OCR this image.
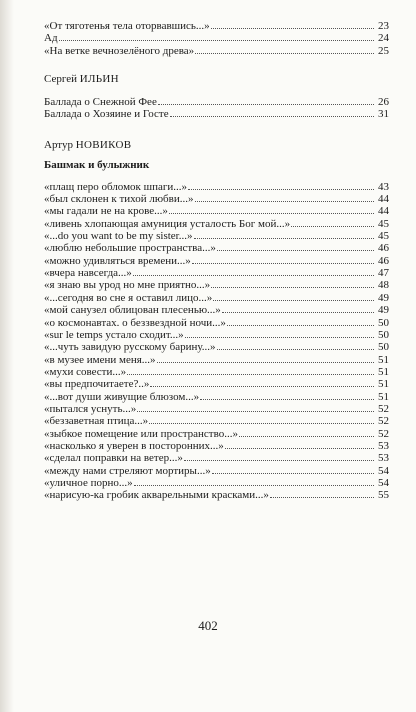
«От тяготенья тела оторвавшись...»	23
Ад	24
«На ветке вечнозелёного древа»	25
Сергей ИЛЬИН
Баллада о Снежной Фее	26
Баллада о Хозяине и Госте	31
Артур НОВИКОВ
Башмак и булыжник
«плащ перо обломок шпаги...»	43
«был склонен к тихой любви...»	44
«мы гадали не на крове...»	44
«ливень хлопающая амуниция усталость Бог мой...»	45
«...do you want to be my sister...»	45
«люблю небольшие пространства...»	46
«можно удивляться времени...»	46
«вчера навсегда...»	47
«я знаю вы урод но мне приятно...»	48
«...сегодня во сне я оставил лицо...»	49
«мой санузел облицован плесенью...»	49
«о космонавтах. о беззвездной ночи...»	50
«sur le temps устало сходит...»	50
«...чуть завидую русскому барину...»	50
«в музее имени меня...»	51
«мухи совести...»	51
«вы предпочитаете?..»	51
«...вот души живущие блюзом...»	51
«пытался уснуть...»	52
«беззаветная птица...»	52
«зыбкое помещение или пространство...»	52
«насколько я уверен в посторонних...»	53
«сделал поправки на ветер...»	53
«между нами стреляют мортиры...»	54
«уличное порно...»	54
«нарисую-ка гробик акварельными красками...»	55
402
